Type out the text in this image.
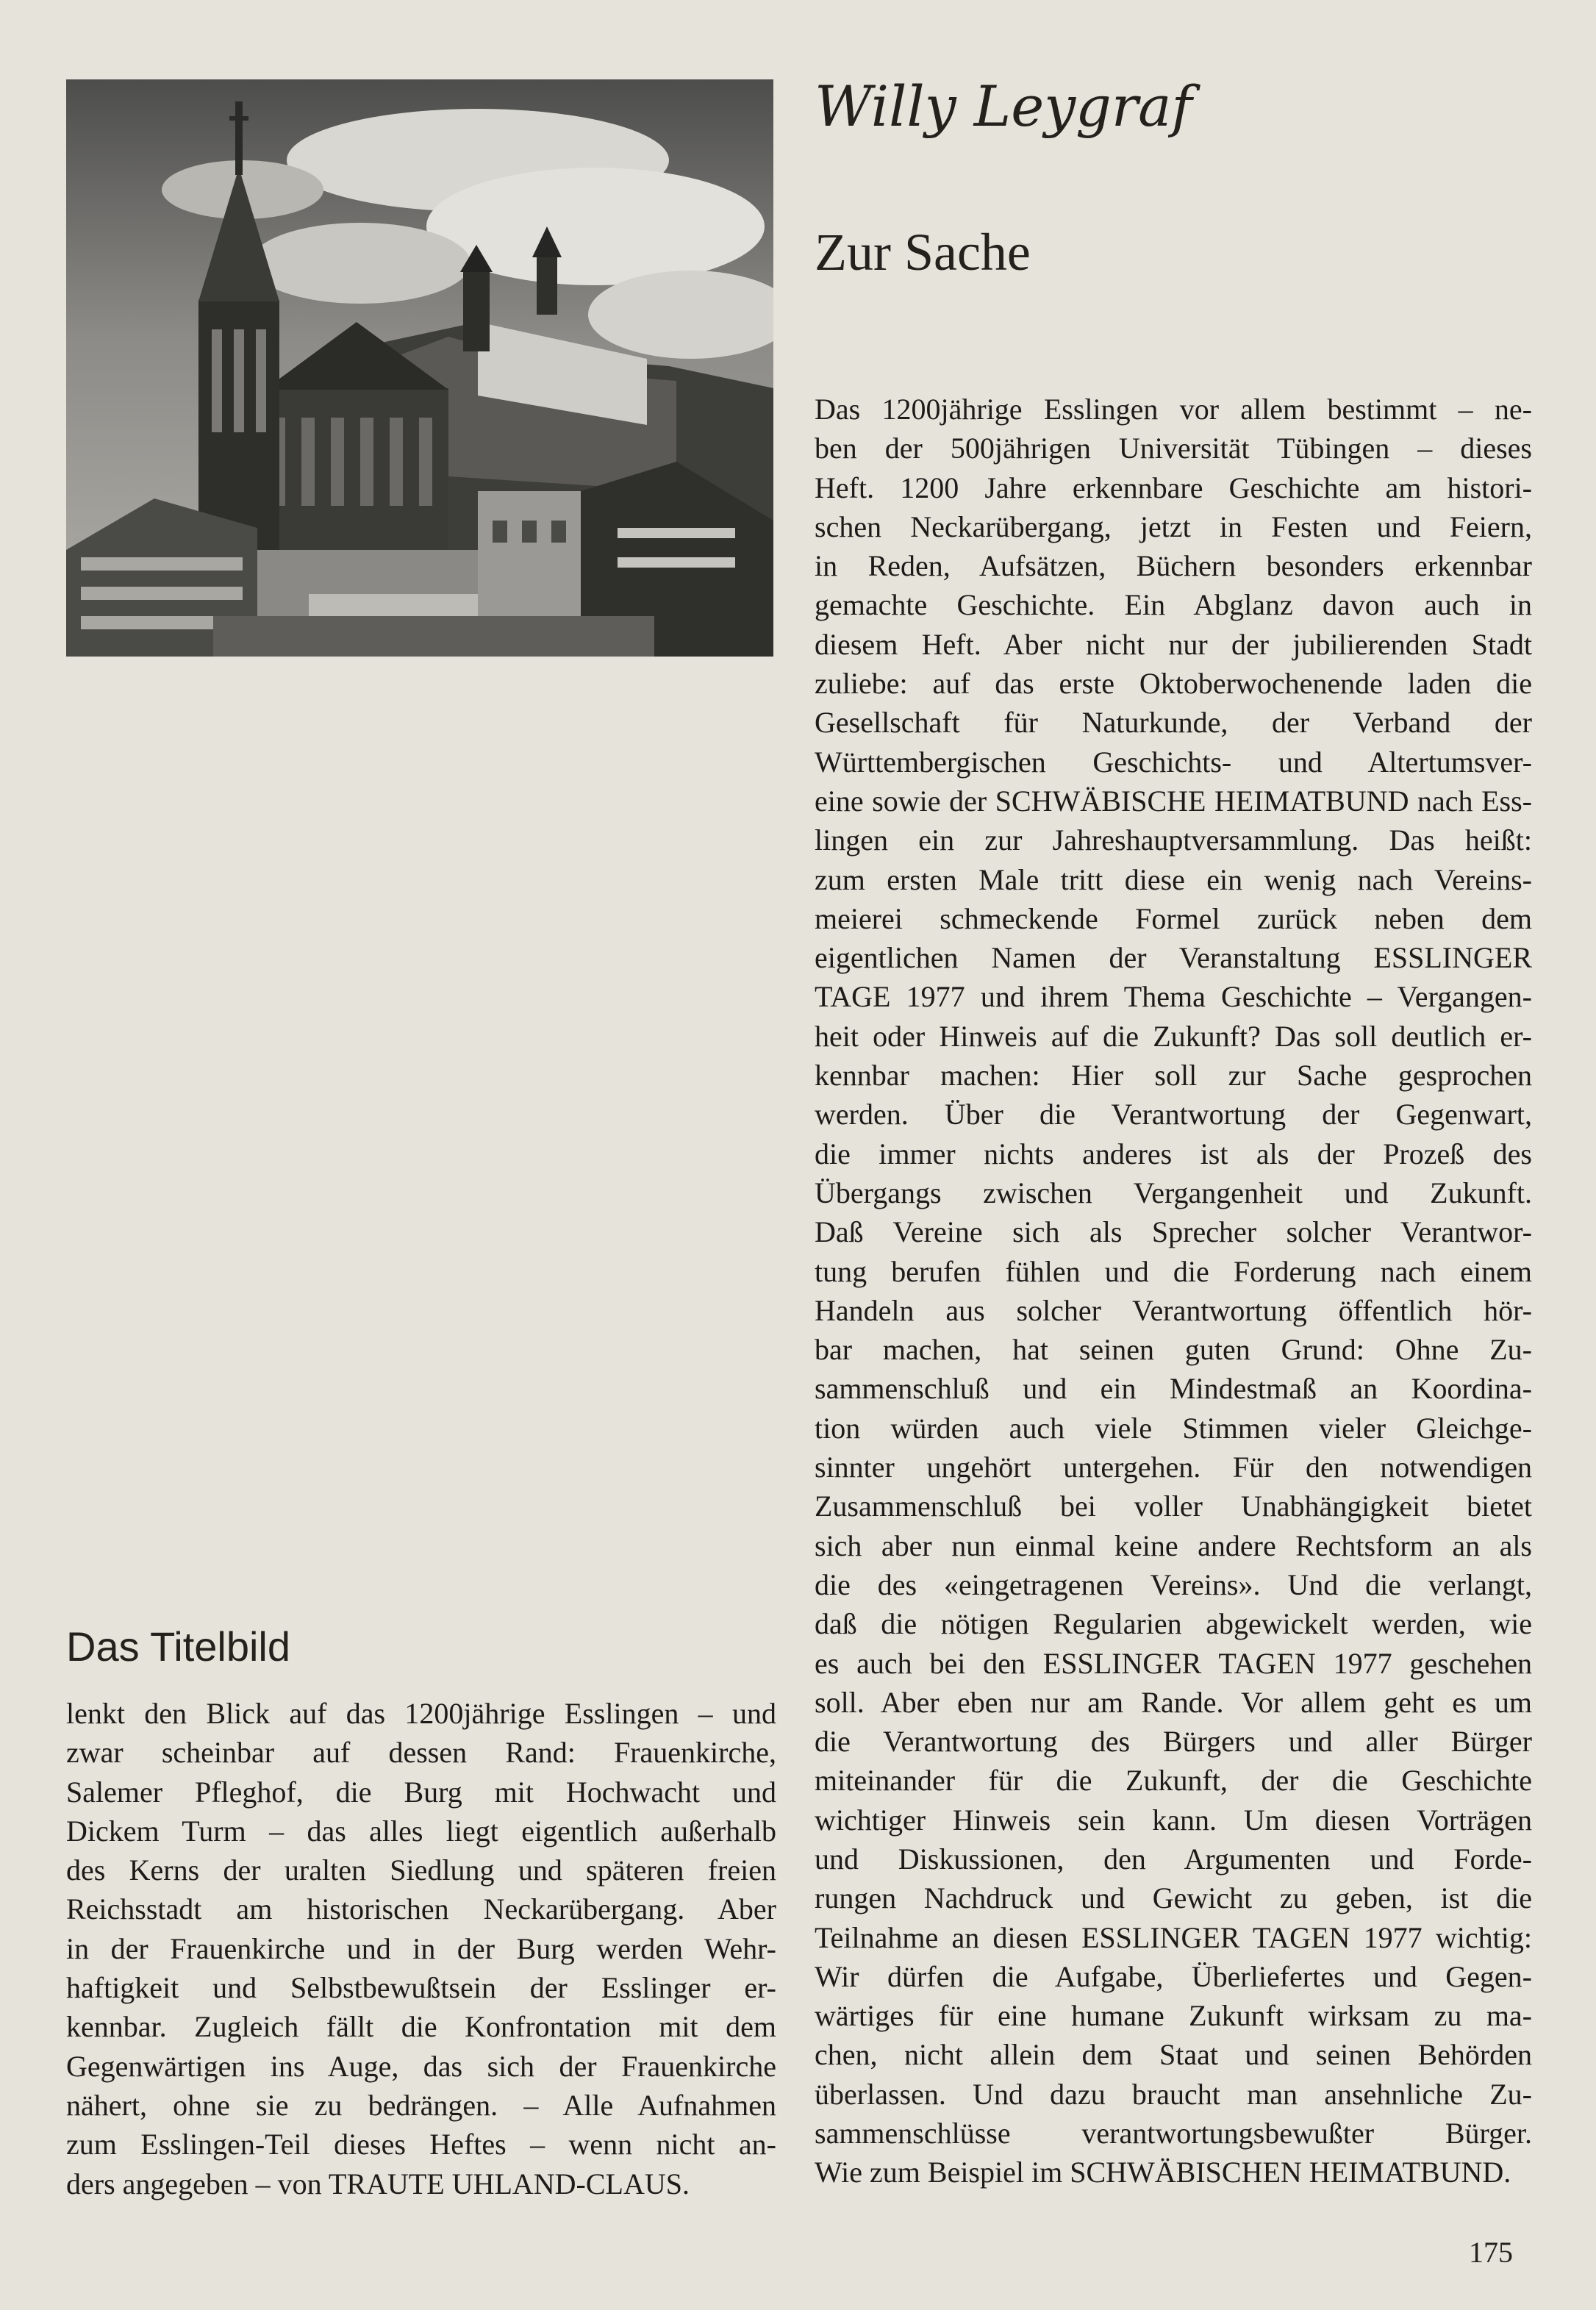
Willy Leygraf
Zur Sache
Das 1200jährige Esslingen vor allem bestimmt – ne-
ben der 500jährigen Universität Tübingen – dieses
Heft. 1200 Jahre erkennbare Geschichte am histori-
schen Neckarübergang, jetzt in Festen und Feiern,
in Reden, Aufsätzen, Büchern besonders erkennbar
gemachte Geschichte. Ein Abglanz davon auch in
diesem Heft. Aber nicht nur der jubilierenden Stadt
zuliebe: auf das erste Oktoberwochenende laden die
Gesellschaft für Naturkunde, der Verband der
Württembergischen Geschichts- und Altertumsver-
eine sowie der SCHWÄBISCHE HEIMATBUND nach Ess-
lingen ein zur Jahreshauptversammlung. Das heißt:
zum ersten Male tritt diese ein wenig nach Vereins-
meierei schmeckende Formel zurück neben dem
eigentlichen Namen der Veranstaltung ESSLINGER
TAGE 1977 und ihrem Thema Geschichte – Vergangen-
heit oder Hinweis auf die Zukunft? Das soll deutlich er-
kennbar machen: Hier soll zur Sache gesprochen
werden. Über die Verantwortung der Gegenwart,
die immer nichts anderes ist als der Prozeß des
Übergangs zwischen Vergangenheit und Zukunft.
Daß Vereine sich als Sprecher solcher Verantwor-
tung berufen fühlen und die Forderung nach einem
Handeln aus solcher Verantwortung öffentlich hör-
bar machen, hat seinen guten Grund: Ohne Zu-
sammenschluß und ein Mindestmaß an Koordina-
tion würden auch viele Stimmen vieler Gleichge-
sinnter ungehört untergehen. Für den notwendigen
Zusammenschluß bei voller Unabhängigkeit bietet
sich aber nun einmal keine andere Rechtsform an als
die des «eingetragenen Vereins». Und die verlangt,
daß die nötigen Regularien abgewickelt werden, wie
es auch bei den ESSLINGER TAGEN 1977 geschehen
soll. Aber eben nur am Rande. Vor allem geht es um
die Verantwortung des Bürgers und aller Bürger
miteinander für die Zukunft, der die Geschichte
wichtiger Hinweis sein kann. Um diesen Vorträgen
und Diskussionen, den Argumenten und Forde-
rungen Nachdruck und Gewicht zu geben, ist die
Teilnahme an diesen ESSLINGER TAGEN 1977 wichtig:
Wir dürfen die Aufgabe, Überliefertes und Gegen-
wärtiges für eine humane Zukunft wirksam zu ma-
chen, nicht allein dem Staat und seinen Behörden
überlassen. Und dazu braucht man ansehnliche Zu-
sammenschlüsse verantwortungsbewußter Bürger.
Wie zum Beispiel im SCHWÄBISCHEN HEIMATBUND.
Das Titelbild
lenkt den Blick auf das 1200jährige Esslingen – und
zwar scheinbar auf dessen Rand: Frauenkirche,
Salemer Pfleghof, die Burg mit Hochwacht und
Dickem Turm – das alles liegt eigentlich außerhalb
des Kerns der uralten Siedlung und späteren freien
Reichsstadt am historischen Neckarübergang. Aber
in der Frauenkirche und in der Burg werden Wehr-
haftigkeit und Selbstbewußtsein der Esslinger er-
kennbar. Zugleich fällt die Konfrontation mit dem
Gegenwärtigen ins Auge, das sich der Frauenkirche
nähert, ohne sie zu bedrängen. – Alle Aufnahmen
zum Esslingen-Teil dieses Heftes – wenn nicht an-
ders angegeben – von TRAUTE UHLAND-CLAUS.
175
